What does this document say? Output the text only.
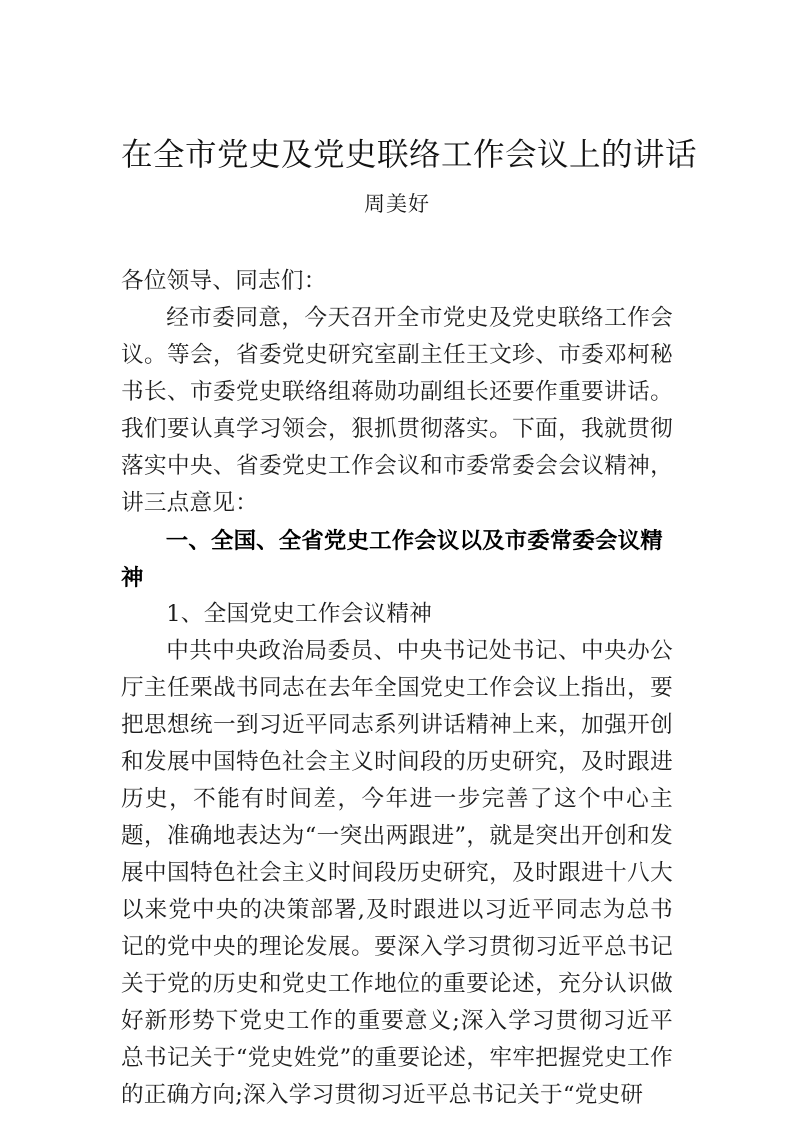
在全市党史及党史联络工作会议上的讲话

周美好

各位领导、同志们：

经市委同意，今天召开全市党史及党史联络工作会议。等会，省委党史研究室副主任王文珍、市委邓柯秘书长、市委党史联络组蒋勋功副组长还要作重要讲话。我们要认真学习领会，狠抓贯彻落实。下面，我就贯彻落实中央、省委党史工作会议和市委常委会会议精神，讲三点意见：

一、全国、全省党史工作会议以及市委常委会议精神

1、全国党史工作会议精神

中共中央政治局委员、中央书记处书记、中央办公厅主任栗战书同志在去年全国党史工作会议上指出，要把思想统一到习近平同志系列讲话精神上来，加强开创和发展中国特色社会主义时间段的历史研究，及时跟进历史，不能有时间差，今年进一步完善了这个中心主题，准确地表达为“一突出两跟进”，就是突出开创和发展中国特色社会主义时间段历史研究，及时跟进十八大以来党中央的决策部署,及时跟进以习近平同志为总书记的党中央的理论发展。要深入学习贯彻习近平总书记关于党的历史和党史工作地位的重要论述，充分认识做好新形势下党史工作的重要意义;深入学习贯彻习近平总书记关于“党史姓党”的重要论述，牢牢把握党史工作的正确方向;深入学习贯彻习近平总书记关于“党史研
